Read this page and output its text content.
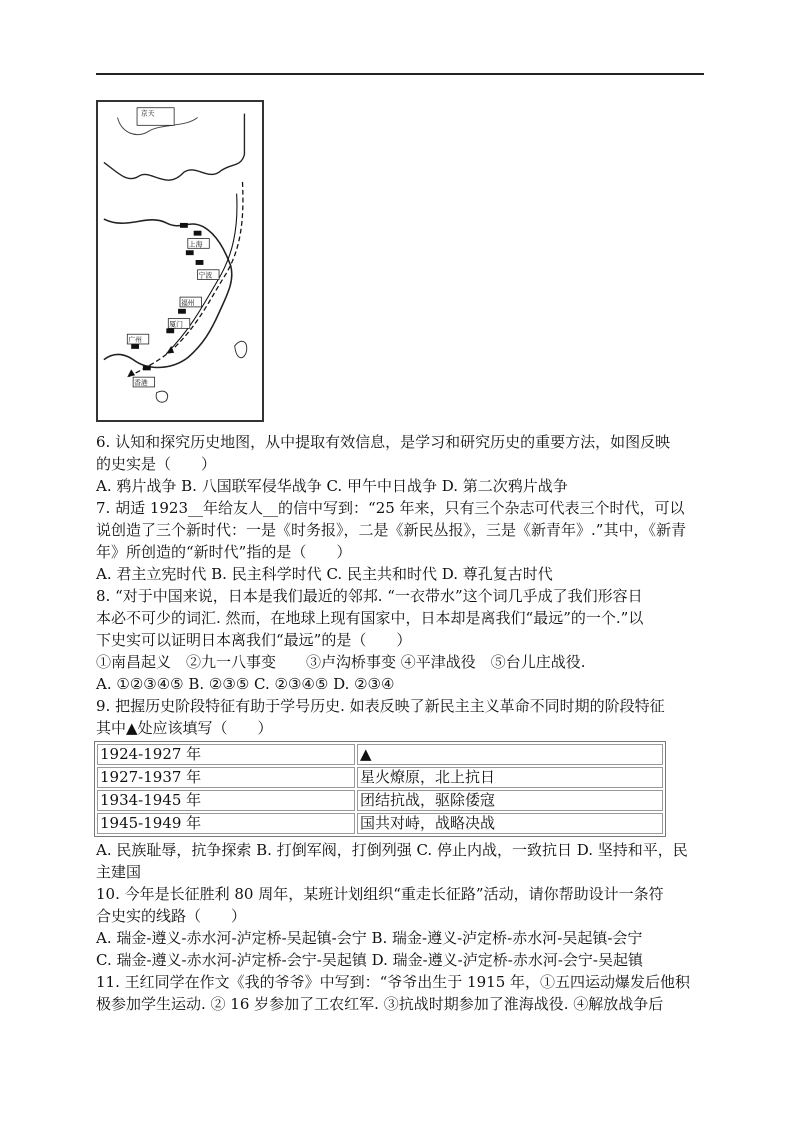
京天
上海
宁波
福州
厦门
广州
香港
6. 认知和探究历史地图，从中提取有效信息，是学习和研究历史的重要方法，如图反映
的史实是（　　）
A. 鸦片战争 B. 八国联军侵华战争 C. 甲午中日战争 D. 第二次鸦片战争
7. 胡适 1923__年给友人__的信中写到：“25 年来，只有三个杂志可代表三个时代，可以
说创造了三个新时代：一是《时务报》，二是《新民丛报》，三是《新青年》.”其中，《新青
年》所创造的“新时代”指的是（　　）
A. 君主立宪时代 B. 民主科学时代 C. 民主共和时代 D. 尊孔复古时代
8. “对于中国来说，日本是我们最近的邻邦. “一衣带水”这个词几乎成了我们形容日
本必不可少的词汇. 然而，在地球上现有国家中，日本却是离我们“最远”的一个.”以
下史实可以证明日本离我们“最远”的是（　　）
①南昌起义　②九一八事变　　③卢沟桥事变 ④平津战役　⑤台儿庄战役.
A. ①②③④⑤ B. ②③⑤ C. ②③④⑤ D. ②③④
9. 把握历史阶段特征有助于学号历史. 如表反映了新民主主义革命不同时期的阶段特征
其中▲处应该填写（　　）
1924-1927 年	▲
1927-1937 年	星火燎原，北上抗日
1934-1945 年	团结抗战，驱除倭寇
1945-1949 年	国共对峙，战略决战
A. 民族耻辱，抗争探索 B. 打倒军阀，打倒列强 C. 停止内战，一致抗日 D. 坚持和平，民
主建国
10. 今年是长征胜利 80 周年，某班计划组织“重走长征路”活动，请你帮助设计一条符
合史实的线路（　　）
A. 瑞金-遵义-赤水河-泸定桥-吴起镇-会宁 B. 瑞金-遵义-泸定桥-赤水河-吴起镇-会宁
C. 瑞金-遵义-赤水河-泸定桥-会宁-吴起镇 D. 瑞金-遵义-泸定桥-赤水河-会宁-吴起镇
11. 王红同学在作文《我的爷爷》中写到：“爷爷出生于 1915 年，①五四运动爆发后他积
极参加学生运动. ② 16 岁参加了工农红军. ③抗战时期参加了淮海战役. ④解放战争后
